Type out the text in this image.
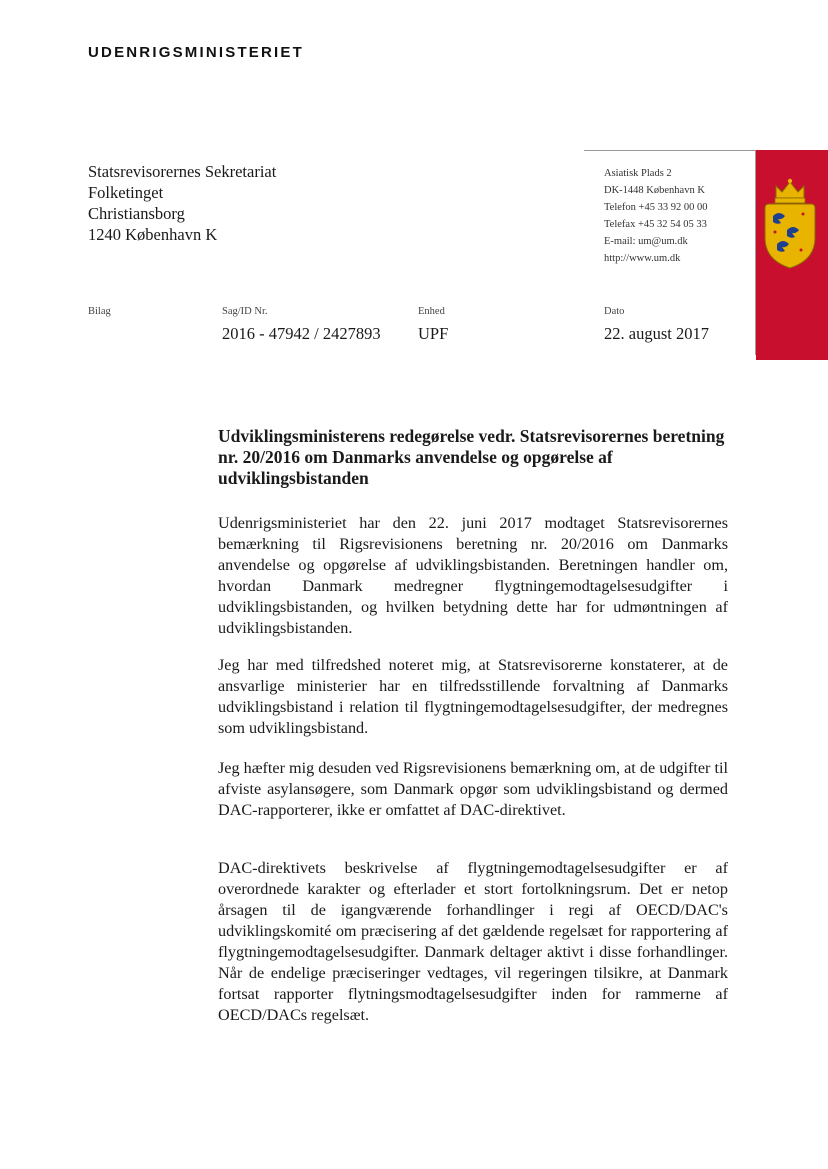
UDENRIGSMINISTERIET
Statsrevisorernes Sekretariat
Folketinget
Christiansborg
1240 København K
Asiatisk Plads 2
DK-1448 København K
Telefon +45 33 92 00 00
Telefax +45 32 54 05 33
E-mail: um@um.dk
http://www.um.dk
Bilag	Sag/ID Nr.
2016 - 47942 / 2427893
Enhed
UPF
Dato
22. august 2017
Udviklingsministerens redegørelse vedr. Statsrevisorernes beretning nr. 20/2016 om Danmarks anvendelse og opgørelse af udviklingsbistanden
Udenrigsministeriet har den 22. juni 2017 modtaget Statsrevisorernes bemærkning til Rigsrevisionens beretning nr. 20/2016 om Danmarks anvendelse og opgørelse af udviklingsbistanden. Beretningen handler om, hvordan Danmark medregner flygtningemodtagelsesudgifter i udviklingsbistanden, og hvilken betydning dette har for udmøntningen af udviklingsbistanden.
Jeg har med tilfredshed noteret mig, at Statsrevisorerne konstaterer, at de ansvarlige ministerier har en tilfredsstillende forvaltning af Danmarks udviklingsbistand i relation til flygtningemodtagelsesudgifter, der medregnes som udviklingsbistand.
Jeg hæfter mig desuden ved Rigsrevisionens bemærkning om, at de udgifter til afviste asylansøgere, som Danmark opgør som udviklingsbistand og dermed DAC-rapporterer, ikke er omfattet af DAC-direktivet.
DAC-direktivets beskrivelse af flygtningemodtagelsesudgifter er af overordnede karakter og efterlader et stort fortolkningsrum. Det er netop årsagen til de igangværende forhandlinger i regi af OECD/DAC's udviklingskomité om præcisering af det gældende regelsæt for rapportering af flygtningemodtagelsesudgifter. Danmark deltager aktivt i disse forhandlinger. Når de endelige præciseringer vedtages, vil regeringen tilsikre, at Danmark fortsat rapporter flytningsmodtagelsesudgifter inden for rammerne af OECD/DACs regelsæt.
